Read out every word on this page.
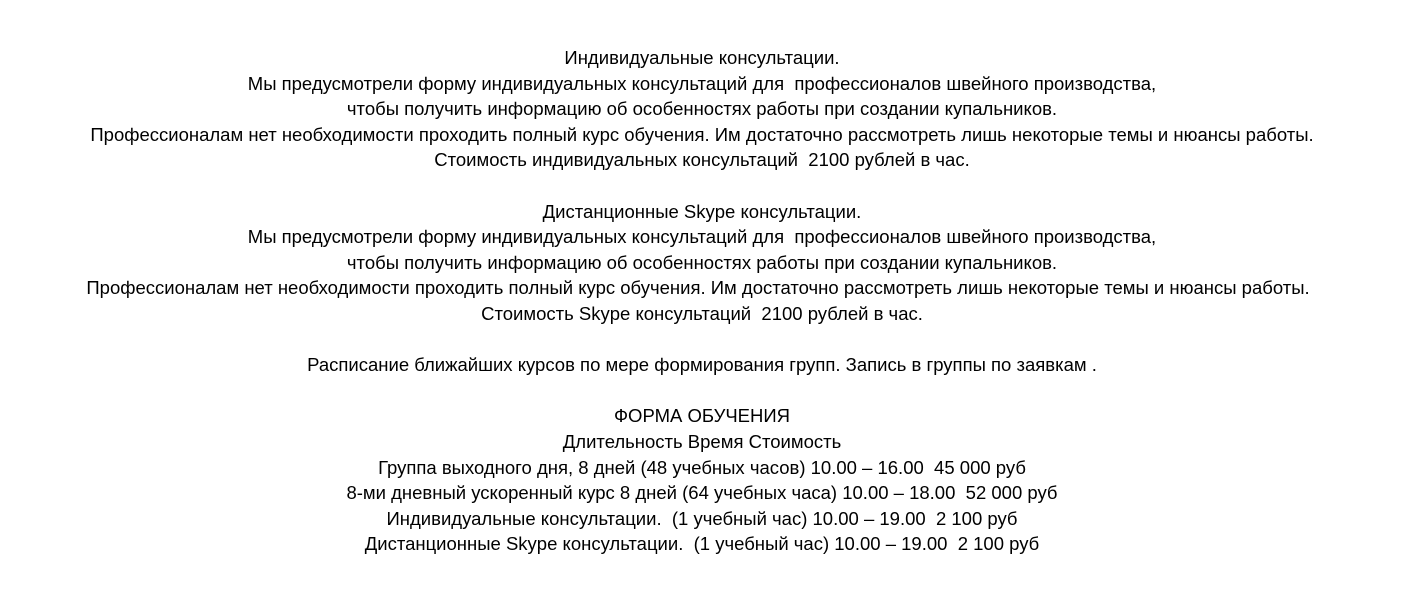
Индивидуальные консультации.
Мы предусмотрели форму индивидуальных консультаций для  профессионалов швейного производства,
чтобы получить информацию об особенностях работы при создании купальников.
Профессионалам нет необходимости проходить полный курс обучения. Им достаточно рассмотреть лишь некоторые темы и нюансы работы.
Стоимость индивидуальных консультаций  2100 рублей в час.
Дистанционные Skype консультации.
Мы предусмотрели форму индивидуальных консультаций для  профессионалов швейного производства,
чтобы получить информацию об особенностях работы при создании купальников.
Профессионалам нет необходимости проходить полный курс обучения. Им достаточно рассмотреть лишь некоторые темы и нюансы работы.
Стоимость Skype консультаций  2100 рублей в час.
Расписание ближайших курсов по мере формирования групп. Запись в группы по заявкам .
ФОРМА ОБУЧЕНИЯ
Длительность Время Стоимость
Группа выходного дня, 8 дней (48 учебных часов) 10.00 – 16.00  45 000 руб
8-ми дневный ускоренный курс 8 дней (64 учебных часа) 10.00 – 18.00  52 000 руб
Индивидуальные консультации.  (1 учебный час) 10.00 – 19.00  2 100 руб
Дистанционные Skype консультации.  (1 учебный час) 10.00 – 19.00  2 100 руб
